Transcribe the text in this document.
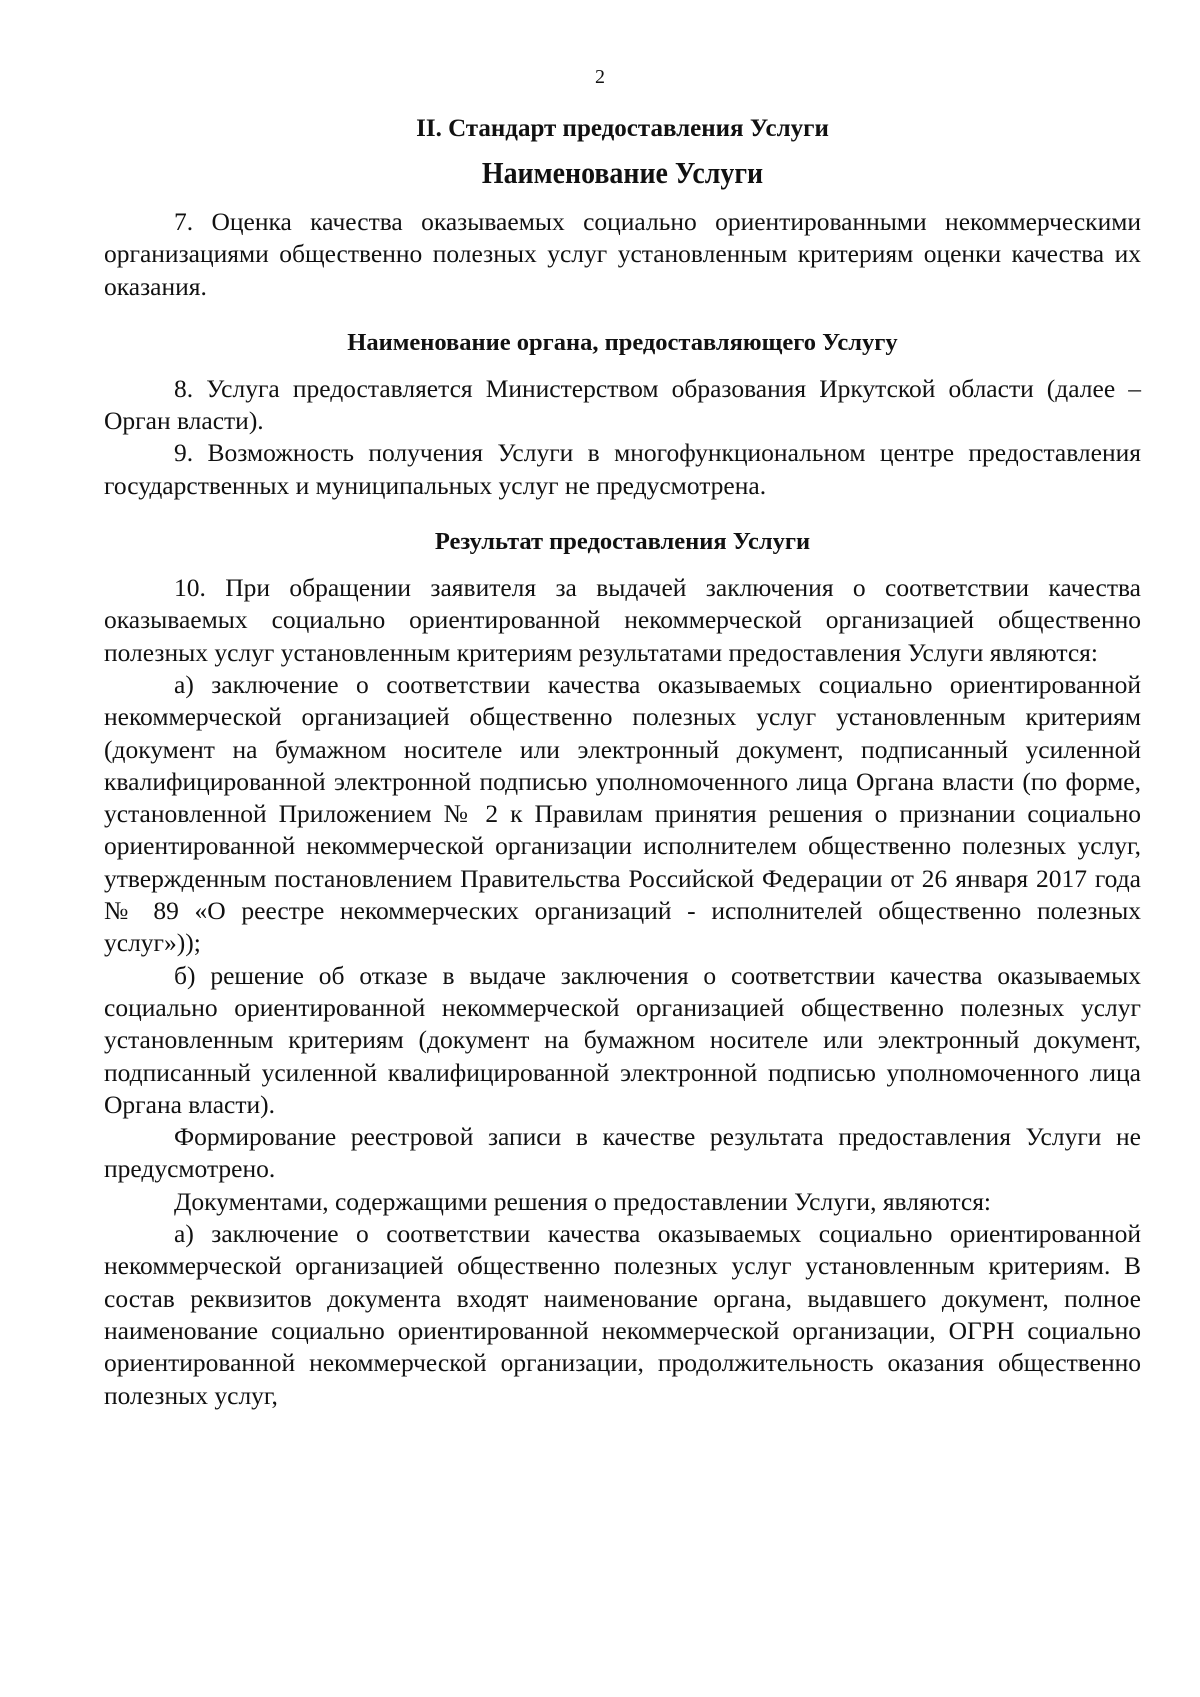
2
II. Стандарт предоставления Услуги
Наименование Услуги

7. Оценка качества оказываемых социально ориентированными некоммерческими организациями общественно полезных услуг установленным критериям оценки качества их оказания.

Наименование органа, предоставляющего Услугу

8. Услуга предоставляется Министерством образования Иркутской области (далее – Орган власти).

9. Возможность получения Услуги в многофункциональном центре предоставления государственных и муниципальных услуг не предусмотрена.

Результат предоставления Услуги

10. При обращении заявителя за выдачей заключения о соответствии качества оказываемых социально ориентированной некоммерческой организацией общественно полезных услуг установленным критериям результатами предоставления Услуги являются:

а) заключение о соответствии качества оказываемых социально ориентированной некоммерческой организацией общественно полезных услуг установленным критериям (документ на бумажном носителе или электронный документ, подписанный усиленной квалифицированной электронной подписью уполномоченного лица Органа власти (по форме, установленной Приложением № 2 к Правилам принятия решения о признании социально ориентированной некоммерческой организации исполнителем общественно полезных услуг, утвержденным постановлением Правительства Российской Федерации от 26 января 2017 года № 89 «О реестре некоммерческих организаций - исполнителей общественно полезных услуг»));

б) решение об отказе в выдаче заключения о соответствии качества оказываемых социально ориентированной некоммерческой организацией общественно полезных услуг установленным критериям (документ на бумажном носителе или электронный документ, подписанный усиленной квалифицированной электронной подписью уполномоченного лица Органа власти).

Формирование реестровой записи в качестве результата предоставления Услуги не предусмотрено.

Документами, содержащими решения о предоставлении Услуги, являются:

а) заключение о соответствии качества оказываемых социально ориентированной некоммерческой организацией общественно полезных услуг установленным критериям. В состав реквизитов документа входят наименование органа, выдавшего документ, полное наименование социально ориентированной некоммерческой организации, ОГРН социально ориентированной некоммерческой организации, продолжительность оказания общественно полезных услуг,
